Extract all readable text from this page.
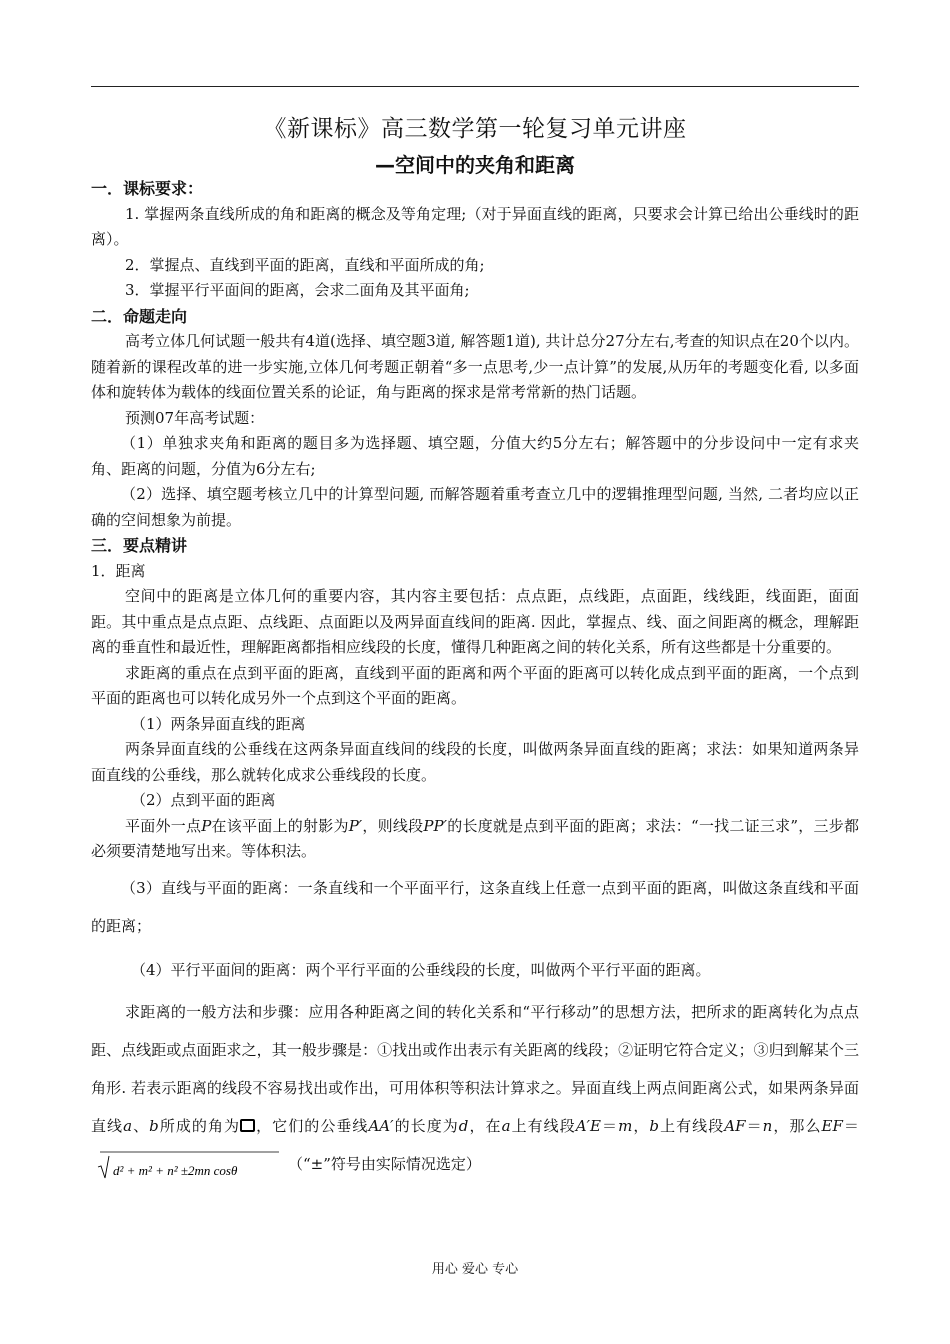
《新课标》高三数学第一轮复习单元讲座
—空间中的夹角和距离

一．课标要求：

1. 掌握两条直线所成的角和距离的概念及等角定理;（对于异面直线的距离，只要求会计算已给出公垂线时的距离）。

2．掌握点、直线到平面的距离，直线和平面所成的角;

3．掌握平行平面间的距离，会求二面角及其平面角;

二．命题走向

高考立体几何试题一般共有4道(选择、填空题3道, 解答题1道), 共计总分27分左右,考查的知识点在20个以内。随着新的课程改革的进一步实施,立体几何考题正朝着“多一点思考,少一点计算”的发展,从历年的考题变化看, 以多面体和旋转体为载体的线面位置关系的论证，角与距离的探求是常考常新的热门话题。

预测07年高考试题：

（1）单独求夹角和距离的题目多为选择题、填空题，分值大约5分左右；解答题中的分步设问中一定有求夹角、距离的问题，分值为6分左右;

（2）选择、填空题考核立几中的计算型问题, 而解答题着重考查立几中的逻辑推理型问题, 当然, 二者均应以正确的空间想象为前提。

三．要点精讲

1．距离

空间中的距离是立体几何的重要内容，其内容主要包括：点点距，点线距，点面距，线线距，线面距，面面距。其中重点是点点距、点线距、点面距以及两异面直线间的距离. 因此，掌握点、线、面之间距离的概念，理解距离的垂直性和最近性，理解距离都指相应线段的长度，懂得几种距离之间的转化关系，所有这些都是十分重要的。

求距离的重点在点到平面的距离，直线到平面的距离和两个平面的距离可以转化成点到平面的距离，一个点到平面的距离也可以转化成另外一个点到这个平面的距离。

（1）两条异面直线的距离

两条异面直线的公垂线在这两条异面直线间的线段的长度，叫做两条异面直线的距离；求法：如果知道两条异面直线的公垂线，那么就转化成求公垂线段的长度。

（2）点到平面的距离

平面外一点P在该平面上的射影为P′，则线段PP′的长度就是点到平面的距离；求法：“一找二证三求”，三步都必须要清楚地写出来。等体积法。

（3）直线与平面的距离：一条直线和一个平面平行，这条直线上任意一点到平面的距离，叫做这条直线和平面的距离；

（4）平行平面间的距离：两个平行平面的公垂线段的长度，叫做两个平行平面的距离。

求距离的一般方法和步骤：应用各种距离之间的转化关系和“平行移动”的思想方法，把所求的距离转化为点点距、点线距或点面距求之，其一般步骤是：①找出或作出表示有关距离的线段；②证明它符合定义；③归到解某个三角形. 若表示距离的线段不容易找出或作出，可用体积等积法计算求之。异面直线上两点间距离公式，如果两条异面直线a、b所成的角为 ，它们的公垂线AA′的长度为d，在a上有线段A′E＝m，b上有线段AF＝n，那么EF＝
d² + m² + n² ±2mn cosθ	（“±”符号由实际情况选定）

用心 爱心 专心
